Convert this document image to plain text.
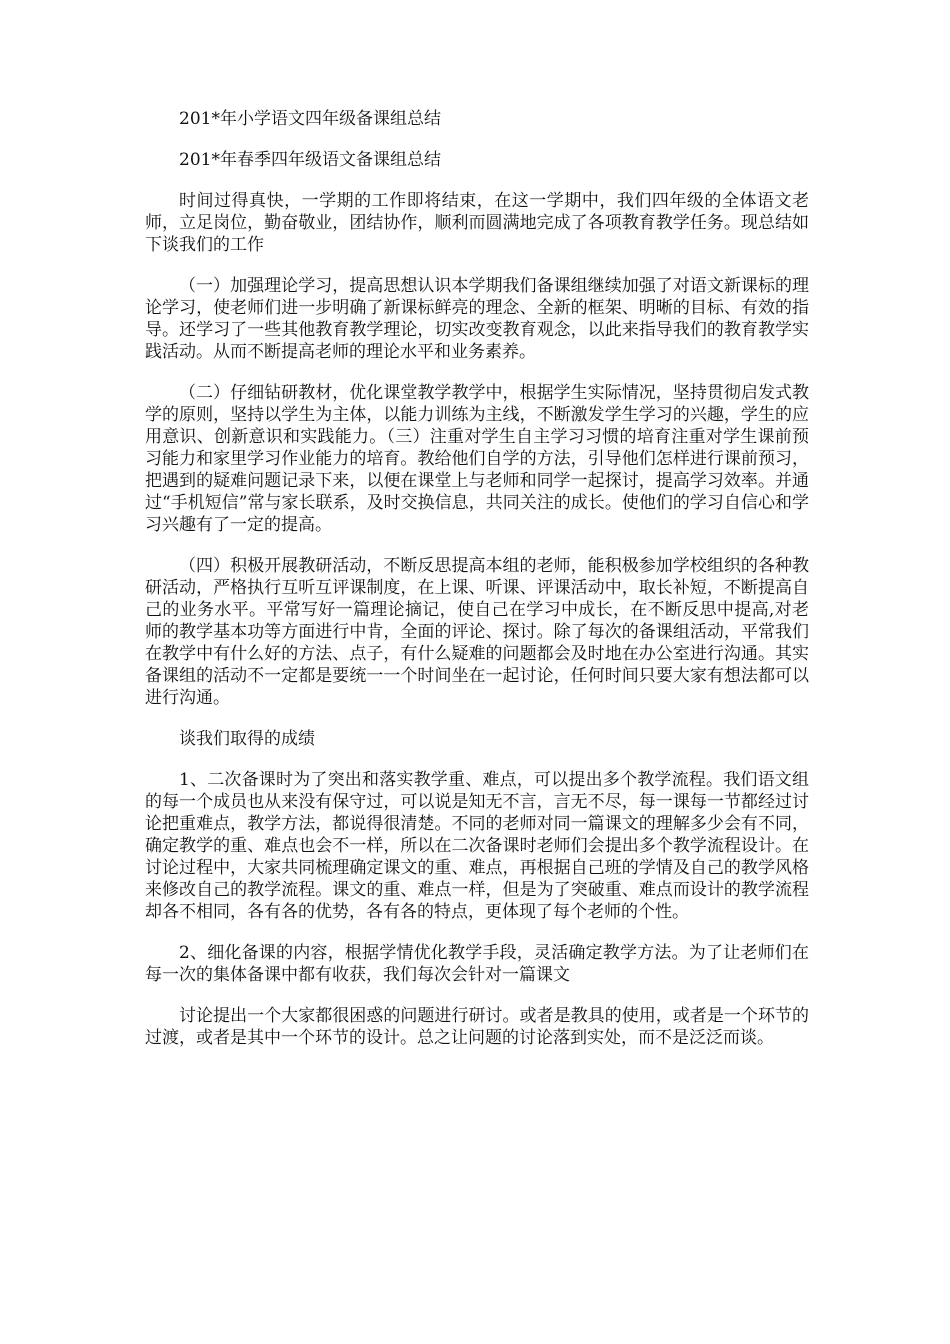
201*年小学语文四年级备课组总结

201*年春季四年级语文备课组总结

时间过得真快，一学期的工作即将结束，在这一学期中，我们四年级的全体语文老师，立足岗位，勤奋敬业，团结协作，顺利而圆满地完成了各项教育教学任务。现总结如下谈我们的工作

（一）加强理论学习，提高思想认识本学期我们备课组继续加强了对语文新课标的理论学习，使老师们进一步明确了新课标鲜亮的理念、全新的框架、明晰的目标、有效的指导。还学习了一些其他教育教学理论，切实改变教育观念，以此来指导我们的教育教学实践活动。从而不断提高老师的理论水平和业务素养。

（二）仔细钻研教材，优化课堂教学教学中，根据学生实际情况，坚持贯彻启发式教学的原则，坚持以学生为主体，以能力训练为主线，不断激发学生学习的兴趣，学生的应用意识、创新意识和实践能力。（三）注重对学生自主学习习惯的培育注重对学生课前预习能力和家里学习作业能力的培育。教给他们自学的方法，引导他们怎样进行课前预习，把遇到的疑难问题记录下来，以便在课堂上与老师和同学一起探讨，提高学习效率。并通过“手机短信”常与家长联系，及时交换信息，共同关注的成长。使他们的学习自信心和学习兴趣有了一定的提高。

（四）积极开展教研活动，不断反思提高本组的老师，能积极参加学校组织的各种教研活动，严格执行互听互评课制度，在上课、听课、评课活动中，取长补短，不断提高自己的业务水平。平常写好一篇理论摘记，使自己在学习中成长，在不断反思中提高,对老师的教学基本功等方面进行中肯，全面的评论、探讨。除了每次的备课组活动，平常我们在教学中有什么好的方法、点子，有什么疑难的问题都会及时地在办公室进行沟通。其实备课组的活动不一定都是要统一一个时间坐在一起讨论，任何时间只要大家有想法都可以进行沟通。

谈我们取得的成绩

1、二次备课时为了突出和落实教学重、难点，可以提出多个教学流程。我们语文组的每一个成员也从来没有保守过，可以说是知无不言，言无不尽，每一课每一节都经过讨论把重难点，教学方法，都说得很清楚。不同的老师对同一篇课文的理解多少会有不同，确定教学的重、难点也会不一样，所以在二次备课时老师们会提出多个教学流程设计。在讨论过程中，大家共同梳理确定课文的重、难点，再根据自己班的学情及自己的教学风格来修改自己的教学流程。课文的重、难点一样，但是为了突破重、难点而设计的教学流程却各不相同，各有各的优势，各有各的特点，更体现了每个老师的个性。

2、细化备课的内容，根据学情优化教学手段，灵活确定教学方法。为了让老师们在每一次的集体备课中都有收获，我们每次会针对一篇课文

讨论提出一个大家都很困惑的问题进行研讨。或者是教具的使用，或者是一个环节的过渡，或者是其中一个环节的设计。总之让问题的讨论落到实处，而不是泛泛而谈。
